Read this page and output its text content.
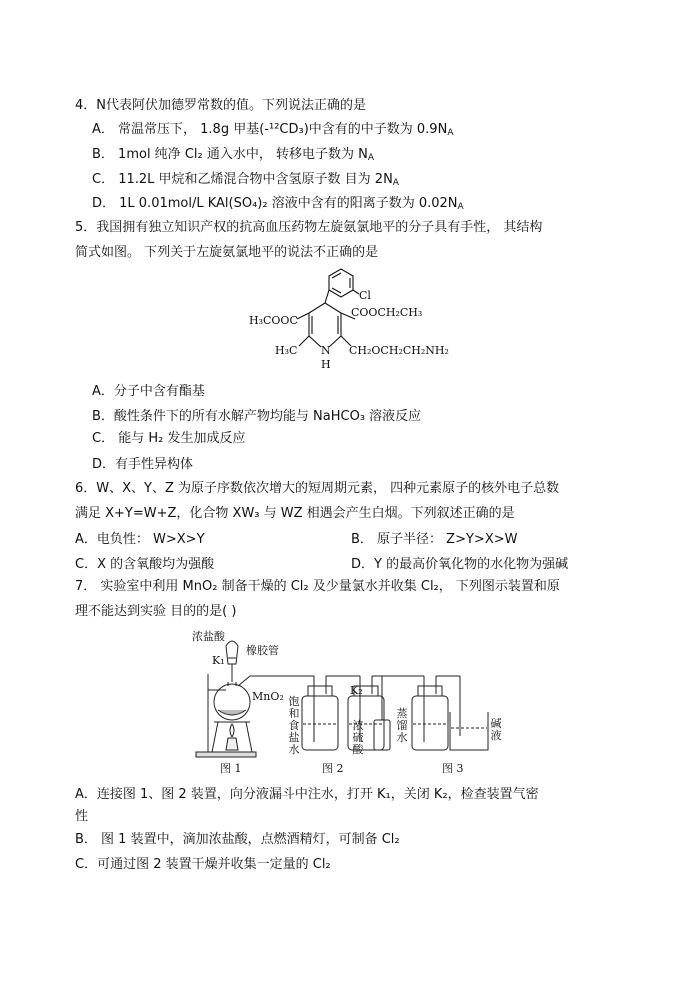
4．N代表阿伏加德罗常数的值。下列说法正确的是
A． 常温常压下， 1.8g 甲基(-¹²CD₃)中含有的中子数为 0.9NA
B． 1mol 纯净 Cl₂ 通入水中， 转移电子数为 NA
C． 11.2L 甲烷和乙烯混合物中含氢原子数 目为 2NA
D． 1L 0.01mol/L KAl(SO₄)₂ 溶液中含有的阳离子数为 0.02NA
5．我国拥有独立知识产权的抗高血压药物左旋氨氯地平的分子具有手性， 其结构
简式如图。 下列关于左旋氨氯地平的说法不正确的是
Cl
H₃COOC
COOCH₂CH₃
H₃C N
H
CH₂OCH₂CH₂NH₂
A．分子中含有酯基
B．酸性条件下的所有水解产物均能与 NaHCO₃ 溶液反应
C． 能与 H₂ 发生加成反应
D．有手性异构体
6．W、X、Y、Z 为原子序数依次增大的短周期元素， 四种元素原子的核外电子总数
满足 X+Y=W+Z，化合物 XW₃ 与 WZ 相遇会产生白烟。下列叙述正确的是
A．电负性： W>X>Y	B． 原子半径： Z>Y>X>W
C．X 的含氧酸均为强酸	D．Y 的最高价氧化物的水化物为强碱
7． 实验室中利用 MnO₂ 制备干燥的 Cl₂ 及少量氯水并收集 Cl₂， 下列图示装置和原
理不能达到实验 目的的是( )
浓盐酸
橡胶管
K₁
MnO₂	K₂
饱和食盐水
浓硫酸
蒸馏水
碱液
图 1	图 2	图 3
A．连接图 1、图 2 装置，向分液漏斗中注水，打开 K₁，关闭 K₂，检查装置气密
性
B． 图 1 装置中，滴加浓盐酸，点燃酒精灯，可制备 Cl₂
C．可通过图 2 装置干燥并收集一定量的 Cl₂
